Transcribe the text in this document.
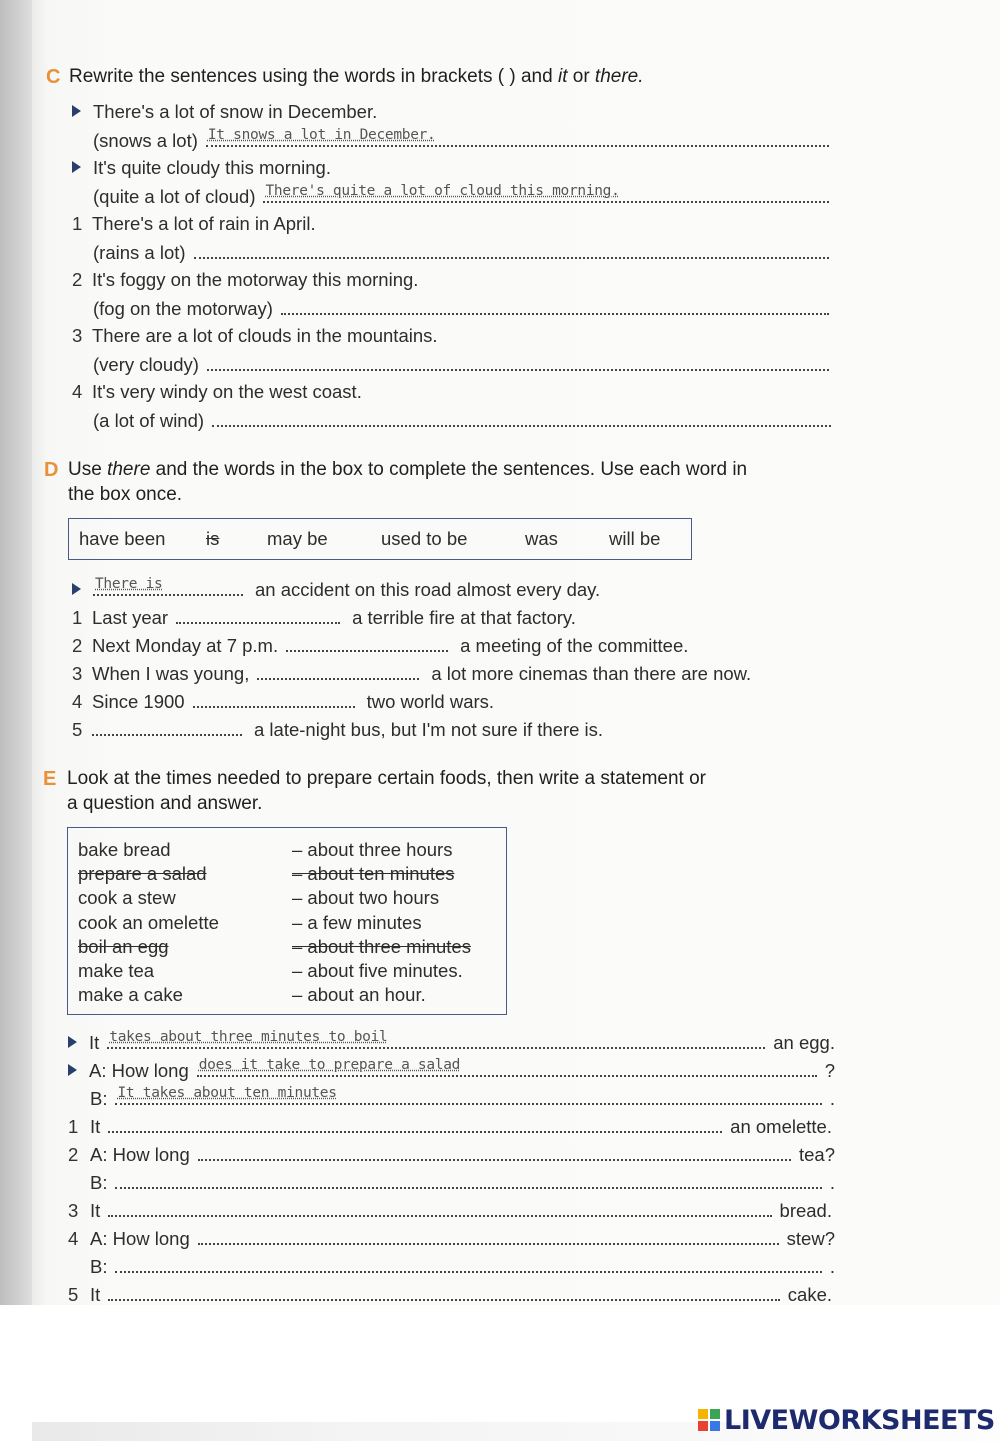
C Rewrite the sentences using the words in brackets ( ) and it or there.
There's a lot of snow in December.
(snows a lot) It snows a lot in December.
It's quite cloudy this morning.
(quite a lot of cloud) There's quite a lot of cloud this morning.
1 There's a lot of rain in April.
(rains a lot)
2 It's foggy on the motorway this morning.
(fog on the motorway)
3 There are a lot of clouds in the mountains.
(very cloudy)
4 It's very windy on the west coast.
(a lot of wind)
D Use there and the words in the box to complete the sentences. Use each word in
the box once.
have been is	may be	used to be	was	will be
There is	an accident on this road almost every day.
1 Last year	a terrible fire at that factory.
2 Next Monday at 7 p.m.	a meeting of the committee.
3 When I was young,	a lot more cinemas than there are now.
4 Since 1900	two world wars.
5	a late-night bus, but I'm not sure if there is.
E Look at the times needed to prepare certain foods, then write a statement or
a question and answer.
bake bread	– about three hours
prepare a salad	– about ten minutes
cook a stew	– about two hours
cook an omelette	– a few minutes
boil an egg	– about three minutes
make tea	– about five minutes.
make a cake	– about an hour.
It takes about three minutes to boil	an egg.
A: How long does it take to prepare a salad	?
B: It takes about ten minutes	.
1 It	an omelette.
2 A: How long	tea?
B:	.
3 It	bread.
4 A: How long	stew?
B:	.
5 It	cake.
LIVEWORKSHEETS
